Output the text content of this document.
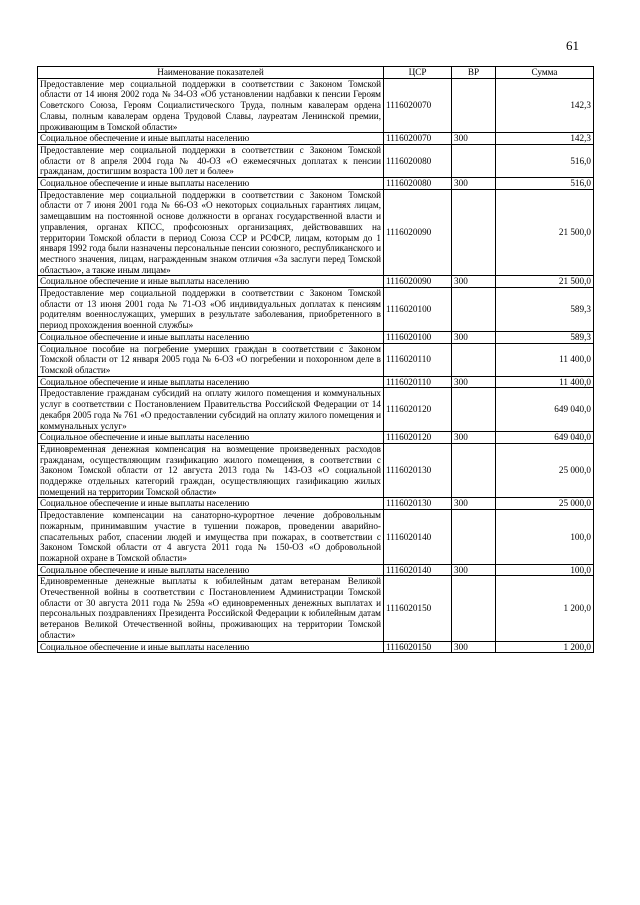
61
Наименование показателей	ЦСР	ВР	Сумма
Предоставление мер социальной поддержки в соответствии с Законом Томской области от 14 июня 2002 года № 34-ОЗ «Об установлении надбавки к пенсии Героям Советского Союза, Героям Социалистического Труда, полным кавалерам ордена Славы, полным кавалерам ордена Трудовой Славы, лауреатам Ленинской премии, проживающим в Томской области»	1116020070		142,3
Социальное обеспечение и иные выплаты населению	1116020070	300	142,3
Предоставление мер социальной поддержки в соответствии с Законом Томской области от 8 апреля 2004 года № 40-ОЗ «О ежемесячных доплатах к пенсии гражданам, достигшим возраста 100 лет и более»	1116020080		516,0
Социальное обеспечение и иные выплаты населению	1116020080	300	516,0
Предоставление мер социальной поддержки в соответствии с Законом Томской области от 7 июня 2001 года № 66-ОЗ «О некоторых социальных гарантиях лицам, замещавшим на постоянной основе должности в органах государственной власти и управления, органах КПСС, профсоюзных организациях, действовавших на территории Томской области в период Союза ССР и РСФСР, лицам, которым до 1 января 1992 года были назначены персональные пенсии союзного, республиканского и местного значения, лицам, награжденным знаком отличия «За заслуги перед Томской областью», а также иным лицам»	1116020090		21 500,0
Социальное обеспечение и иные выплаты населению	1116020090	300	21 500,0
Предоставление мер социальной поддержки в соответствии с Законом Томской области от 13 июня 2001 года № 71-ОЗ «Об индивидуальных доплатах к пенсиям родителям военнослужащих, умерших в результате заболевания, приобретенного в период прохождения военной службы»	1116020100		589,3
Социальное обеспечение и иные выплаты населению	1116020100	300	589,3
Социальное пособие на погребение умерших граждан в соответствии с Законом Томской области от 12 января 2005 года № 6-ОЗ «О погребении и похоронном деле в Томской области»	1116020110		11 400,0
Социальное обеспечение и иные выплаты населению	1116020110	300	11 400,0
Предоставление гражданам субсидий на оплату жилого помещения и коммунальных услуг в соответствии с Постановлением Правительства Российской Федерации от 14 декабря 2005 года № 761 «О предоставлении субсидий на оплату жилого помещения и коммунальных услуг»	1116020120		649 040,0
Социальное обеспечение и иные выплаты населению	1116020120	300	649 040,0
Единовременная денежная компенсация на возмещение произведенных расходов гражданам, осуществляющим газификацию жилого помещения, в соответствии с Законом Томской области от 12 августа 2013 года № 143-ОЗ «О социальной поддержке отдельных категорий граждан, осуществляющих газификацию жилых помещений на территории Томской области»	1116020130		25 000,0
Социальное обеспечение и иные выплаты населению	1116020130	300	25 000,0
Предоставление компенсации на санаторно-курортное лечение добровольным пожарным, принимавшим участие в тушении пожаров, проведении аварийно-спасательных работ, спасении людей и имущества при пожарах, в соответствии с Законом Томской области от 4 августа 2011 года № 150-ОЗ «О добровольной пожарной охране в Томской области»	1116020140		100,0
Социальное обеспечение и иные выплаты населению	1116020140	300	100,0
Единовременные денежные выплаты к юбилейным датам ветеранам Великой Отечественной войны в соответствии с Постановлением Администрации Томской области от 30 августа 2011 года № 259а «О единовременных денежных выплатах и персональных поздравлениях Президента Российской Федерации к юбилейным датам ветеранов Великой Отечественной войны, проживающих на территории Томской области»	1116020150		1 200,0
Социальное обеспечение и иные выплаты населению	1116020150	300	1 200,0
